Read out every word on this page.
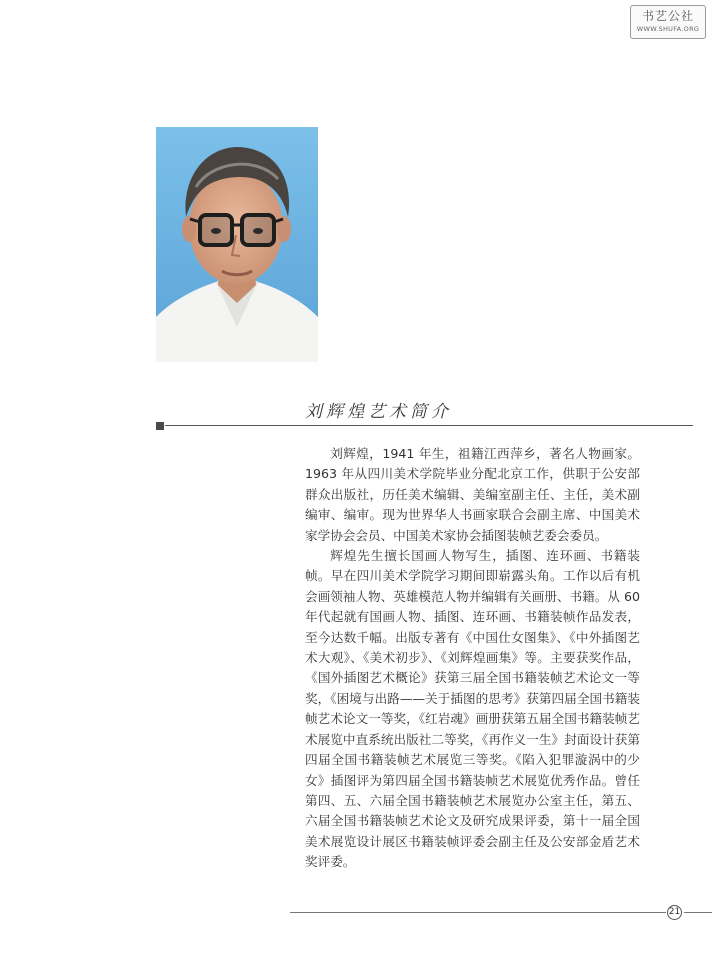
书艺公社
WWW.SHUFA.ORG
刘辉煌艺术简介

刘辉煌，1941 年生，祖籍江西萍乡，著名人物画家。1963 年从四川美术学院毕业分配北京工作，供职于公安部群众出版社，历任美术编辑、美编室副主任、主任，美术副编审、编审。现为世界华人书画家联合会副主席、中国美术家学协会会员、中国美术家协会插图装帧艺委会委员。

辉煌先生擅长国画人物写生，插图、连环画、书籍装帧。早在四川美术学院学习期间即崭露头角。工作以后有机会画领袖人物、英雄模范人物并编辑有关画册、书籍。从 60 年代起就有国画人物、插图、连环画、书籍装帧作品发表，至今达数千幅。出版专著有《中国仕女图集》、《中外插图艺术大观》、《美术初步》、《刘辉煌画集》等。主要获奖作品，《国外插图艺术概论》获第三届全国书籍装帧艺术论文一等奖，《困境与出路——关于插图的思考》获第四届全国书籍装帧艺术论文一等奖，《红岩魂》画册获第五届全国书籍装帧艺术展览中直系统出版社二等奖，《再作义一生》封面设计获第四届全国书籍装帧艺术展览三等奖。《陷入犯罪漩涡中的少女》插图评为第四届全国书籍装帧艺术展览优秀作品。曾任第四、五、六届全国书籍装帧艺术展览办公室主任，第五、六届全国书籍装帧艺术论文及研究成果评委，第十一届全国美术展览设计展区书籍装帧评委会副主任及公安部金盾艺术奖评委。

21
